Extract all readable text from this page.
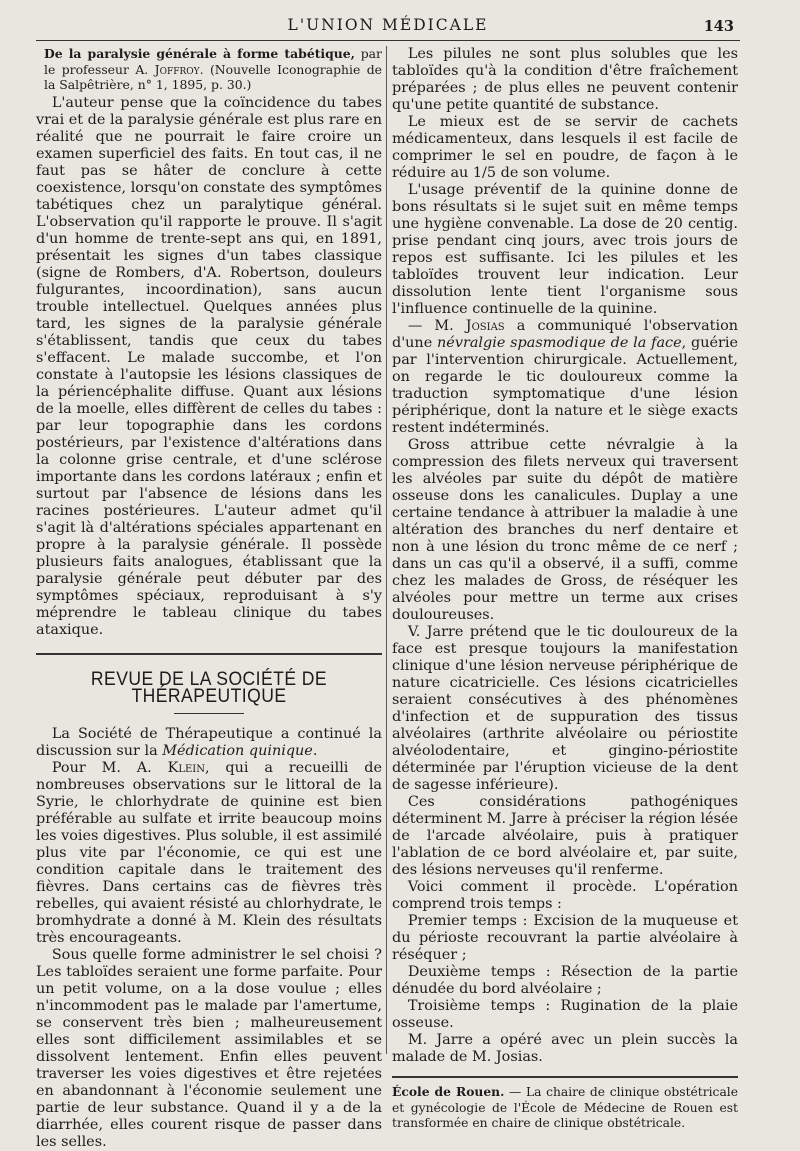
L'UNION MÉDICALE	143

De la paralysie générale à forme tabétique, par le professeur A. Joffroy. (Nouvelle Iconographie de la Salpêtrière, n° 1, 1895, p. 30.)

L'auteur pense que la coïncidence du tabes vrai et de la paralysie générale est plus rare en réalité que ne pourrait le faire croire un examen superficiel des faits. En tout cas, il ne faut pas se hâter de conclure à cette coexistence, lorsqu'on constate des symptômes tabétiques chez un paralytique général. L'observation qu'il rapporte le prouve. Il s'agit d'un homme de trente-sept ans qui, en 1891, présentait les signes d'un tabes classique (signe de Rombers, d'A. Robertson, douleurs fulgurantes, incoordination), sans aucun trouble intellectuel. Quelques années plus tard, les signes de la paralysie générale s'établissent, tandis que ceux du tabes s'effacent. Le malade succombe, et l'on constate à l'autopsie les lésions classiques de la périencéphalite diffuse. Quant aux lésions de la moelle, elles diffèrent de celles du tabes : par leur topographie dans les cordons postérieurs, par l'existence d'altérations dans la colonne grise centrale, et d'une sclérose importante dans les cordons latéraux ; enfin et surtout par l'absence de lésions dans les racines postérieures. L'auteur admet qu'il s'agit là d'altérations spéciales appartenant en propre à la paralysie générale. Il possède plusieurs faits analogues, établissant que la paralysie générale peut débuter par des symptômes spéciaux, reproduisant à s'y méprendre le tableau clinique du tabes ataxique.

REVUE DE LA SOCIÉTÉ DE THÉRAPEUTIQUE

La Société de Thérapeutique a continué la discussion sur la Médication quinique.

Pour M. A. Klein, qui a recueilli de nombreuses observations sur le littoral de la Syrie, le chlorhydrate de quinine est bien préférable au sulfate et irrite beaucoup moins les voies digestives. Plus soluble, il est assimilé plus vite par l'économie, ce qui est une condition capitale dans le traitement des fièvres. Dans certains cas de fièvres très rebelles, qui avaient résisté au chlorhydrate, le bromhydrate a donné à M. Klein des résultats très encourageants.

Sous quelle forme administrer le sel choisi ? Les tabloïdes seraient une forme parfaite. Pour un petit volume, on a la dose voulue ; elles n'incommodent pas le malade par l'amertume, se conservent très bien ; malheureusement elles sont difficilement assimilables et se dissolvent lentement. Enfin elles peuvent traverser les voies digestives et être rejetées en abandonnant à l'économie seulement une partie de leur substance. Quand il y a de la diarrhée, elles courent risque de passer dans les selles.

Les pilules ne sont plus solubles que les tabloïdes qu'à la condition d'être fraîchement préparées ; de plus elles ne peuvent contenir qu'une petite quantité de substance.

Le mieux est de se servir de cachets médicamenteux, dans lesquels il est facile de comprimer le sel en poudre, de façon à le réduire au 1/5 de son volume.

L'usage préventif de la quinine donne de bons résultats si le sujet suit en même temps une hygiène convenable. La dose de 20 centig. prise pendant cinq jours, avec trois jours de repos est suffisante. Ici les pilules et les tabloïdes trouvent leur indication. Leur dissolution lente tient l'organisme sous l'influence continuelle de la quinine.

— M. Josias a communiqué l'observation d'une névralgie spasmodique de la face, guérie par l'intervention chirurgicale. Actuellement, on regarde le tic douloureux comme la traduction symptomatique d'une lésion périphérique, dont la nature et le siège exacts restent indéterminés.

Gross attribue cette névralgie à la compression des filets nerveux qui traversent les alvéoles par suite du dépôt de matière osseuse dons les canalicules. Duplay a une certaine tendance à attribuer la maladie à une altération des branches du nerf dentaire et non à une lésion du tronc même de ce nerf ; dans un cas qu'il a observé, il a suffi, comme chez les malades de Gross, de réséquer les alvéoles pour mettre un terme aux crises douloureuses.

V. Jarre prétend que le tic douloureux de la face est presque toujours la manifestation clinique d'une lésion nerveuse périphérique de nature cicatricielle. Ces lésions cicatricielles seraient consécutives à des phénomènes d'infection et de suppuration des tissus alvéolaires (arthrite alvéolaire ou périostite alvéolodentaire, et gingino-périostite déterminée par l'éruption vicieuse de la dent de sagesse inférieure).

Ces considérations pathogéniques déterminent M. Jarre à préciser la région lésée de l'arcade alvéolaire, puis à pratiquer l'ablation de ce bord alvéolaire et, par suite, des lésions nerveuses qu'il renferme.

Voici comment il procède. L'opération comprend trois temps :

Premier temps : Excision de la muqueuse et du périoste recouvrant la partie alvéolaire à réséquer ;

Deuxième temps : Résection de la partie dénudée du bord alvéolaire ;

Troisième temps : Rugination de la plaie osseuse.

M. Jarre a opéré avec un plein succès la malade de M. Josias.

École de Rouen. — La chaire de clinique obstétricale et gynécologie de l'École de Médecine de Rouen est transformée en chaire de clinique obstétricale.
